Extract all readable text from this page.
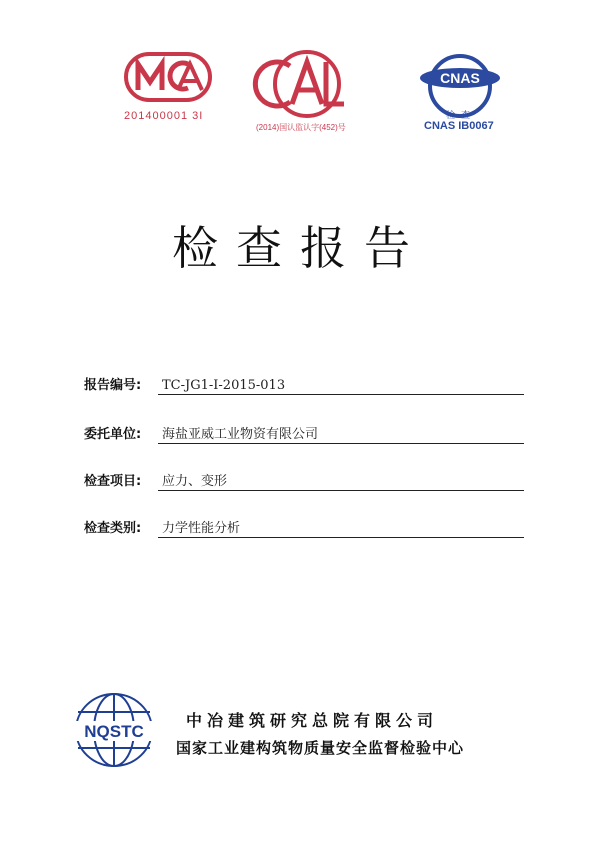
201400001 3I
(2014)国认监认字(452)号
CNAS
检查
CNAS IB0067
检查报告
报告编号: TC-JG1-I-2015-013
委托单位: 海盐亚威工业物资有限公司
检查项目: 应力、变形
检查类别: 力学性能分析
NQSTC
中冶建筑研究总院有限公司
国家工业建构筑物质量安全监督检验中心
